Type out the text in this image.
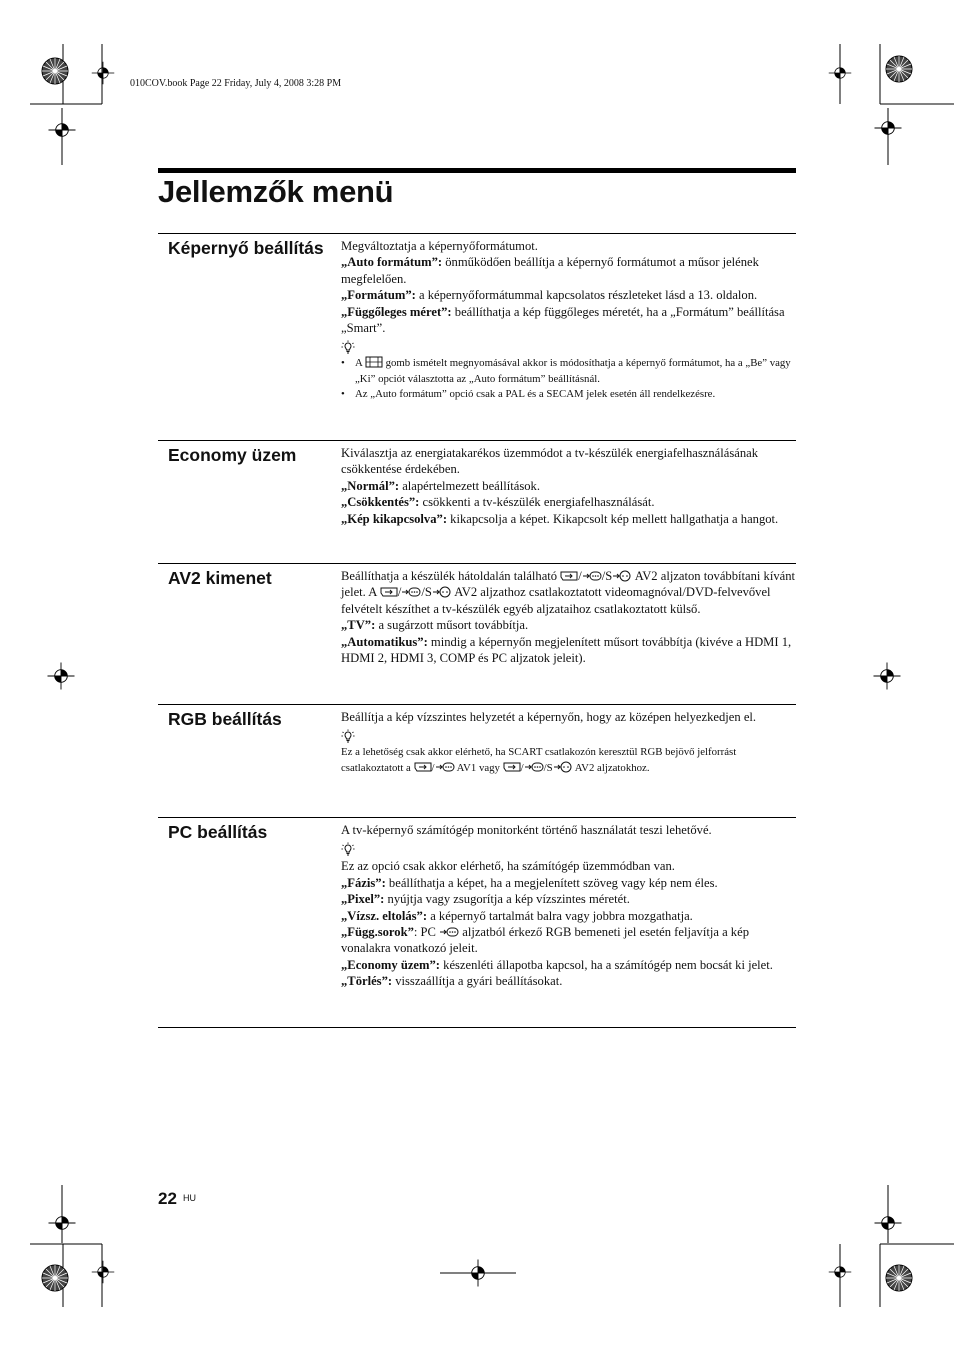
010COV.book Page 22 Friday, July 4, 2008 3:28 PM
Jellemzők menü
Képernyő beállítás	Megváltoztatja a képernyőformátumot.

„Auto formátum”: önműködően beállítja a képernyő formátumot a műsor jelének megfelelően.

„Formátum”: a képernyőformátummal kapcsolatos részleteket lásd a 13. oldalon.

„Függőleges méret”: beállíthatja a kép függőleges méretét, ha a „Formátum” beállítása „Smart”.

• A  gomb ismételt megnyomásával akkor is módosíthatja a képernyő formátumot, ha a „Be” vagy „Ki” opciót választotta az „Auto formátum” beállításnál.
• Az „Auto formátum” opció csak a PAL és a SECAM jelek esetén áll rendelkezésre.
Economy üzem	Kiválasztja az energiatakarékos üzemmódot a tv-készülék energiafelhasználásának csökkentése érdekében.

„Normál”: alapértelmezett beállítások.

„Csökkentés”: csökkenti a tv-készülék energiafelhasználását.

„Kép kikapcsolva”: kikapcsolja a képet. Kikapcsolt kép mellett hallgathatja a hangot.

AV2 kimenet	Beállíthatja a készülék hátoldalán található / /S AV2 aljzaton továbbítani kívánt jelet. A / /S AV2 aljzathoz csatlakoztatott videomagnóval/DVD-felvevővel felvételt készíthet a tv-készülék egyéb aljzataihoz csatlakoztatott külső.

„TV”: a sugárzott műsort továbbítja.

„Automatikus”: mindig a képernyőn megjelenített műsort továbbítja (kivéve a HDMI 1, HDMI 2, HDMI 3, COMP és PC aljzatok jeleit).

RGB beállítás	Beállítja a kép vízszintes helyzetét a képernyőn, hogy az középen helyezkedjen el.

Ez a lehetőség csak akkor elérhető, ha SCART csatlakozón keresztül RGB bejövő jelforrást csatlakoztatott a / AV1 vagy / /S AV2 aljzatokhoz.

PC beállítás	A tv-képernyő számítógép monitorként történő használatát teszi lehetővé.

Ez az opció csak akkor elérhető, ha számítógép üzemmódban van.

„Fázis”: beállíthatja a képet, ha a megjelenített szöveg vagy kép nem éles.

„Pixel”: nyújtja vagy zsugorítja a kép vízszintes méretét.

„Vízsz. eltolás”: a képernyő tartalmát balra vagy jobbra mozgathatja.

„Függ.sorok”: PC  aljzatból érkező RGB bemeneti jel esetén feljavítja a kép vonalakra vonatkozó jeleit.

„Economy üzem”: készenléti állapotba kapcsol, ha a számítógép nem bocsát ki jelet.

„Törlés”: visszaállítja a gyári beállításokat.

22 HU
